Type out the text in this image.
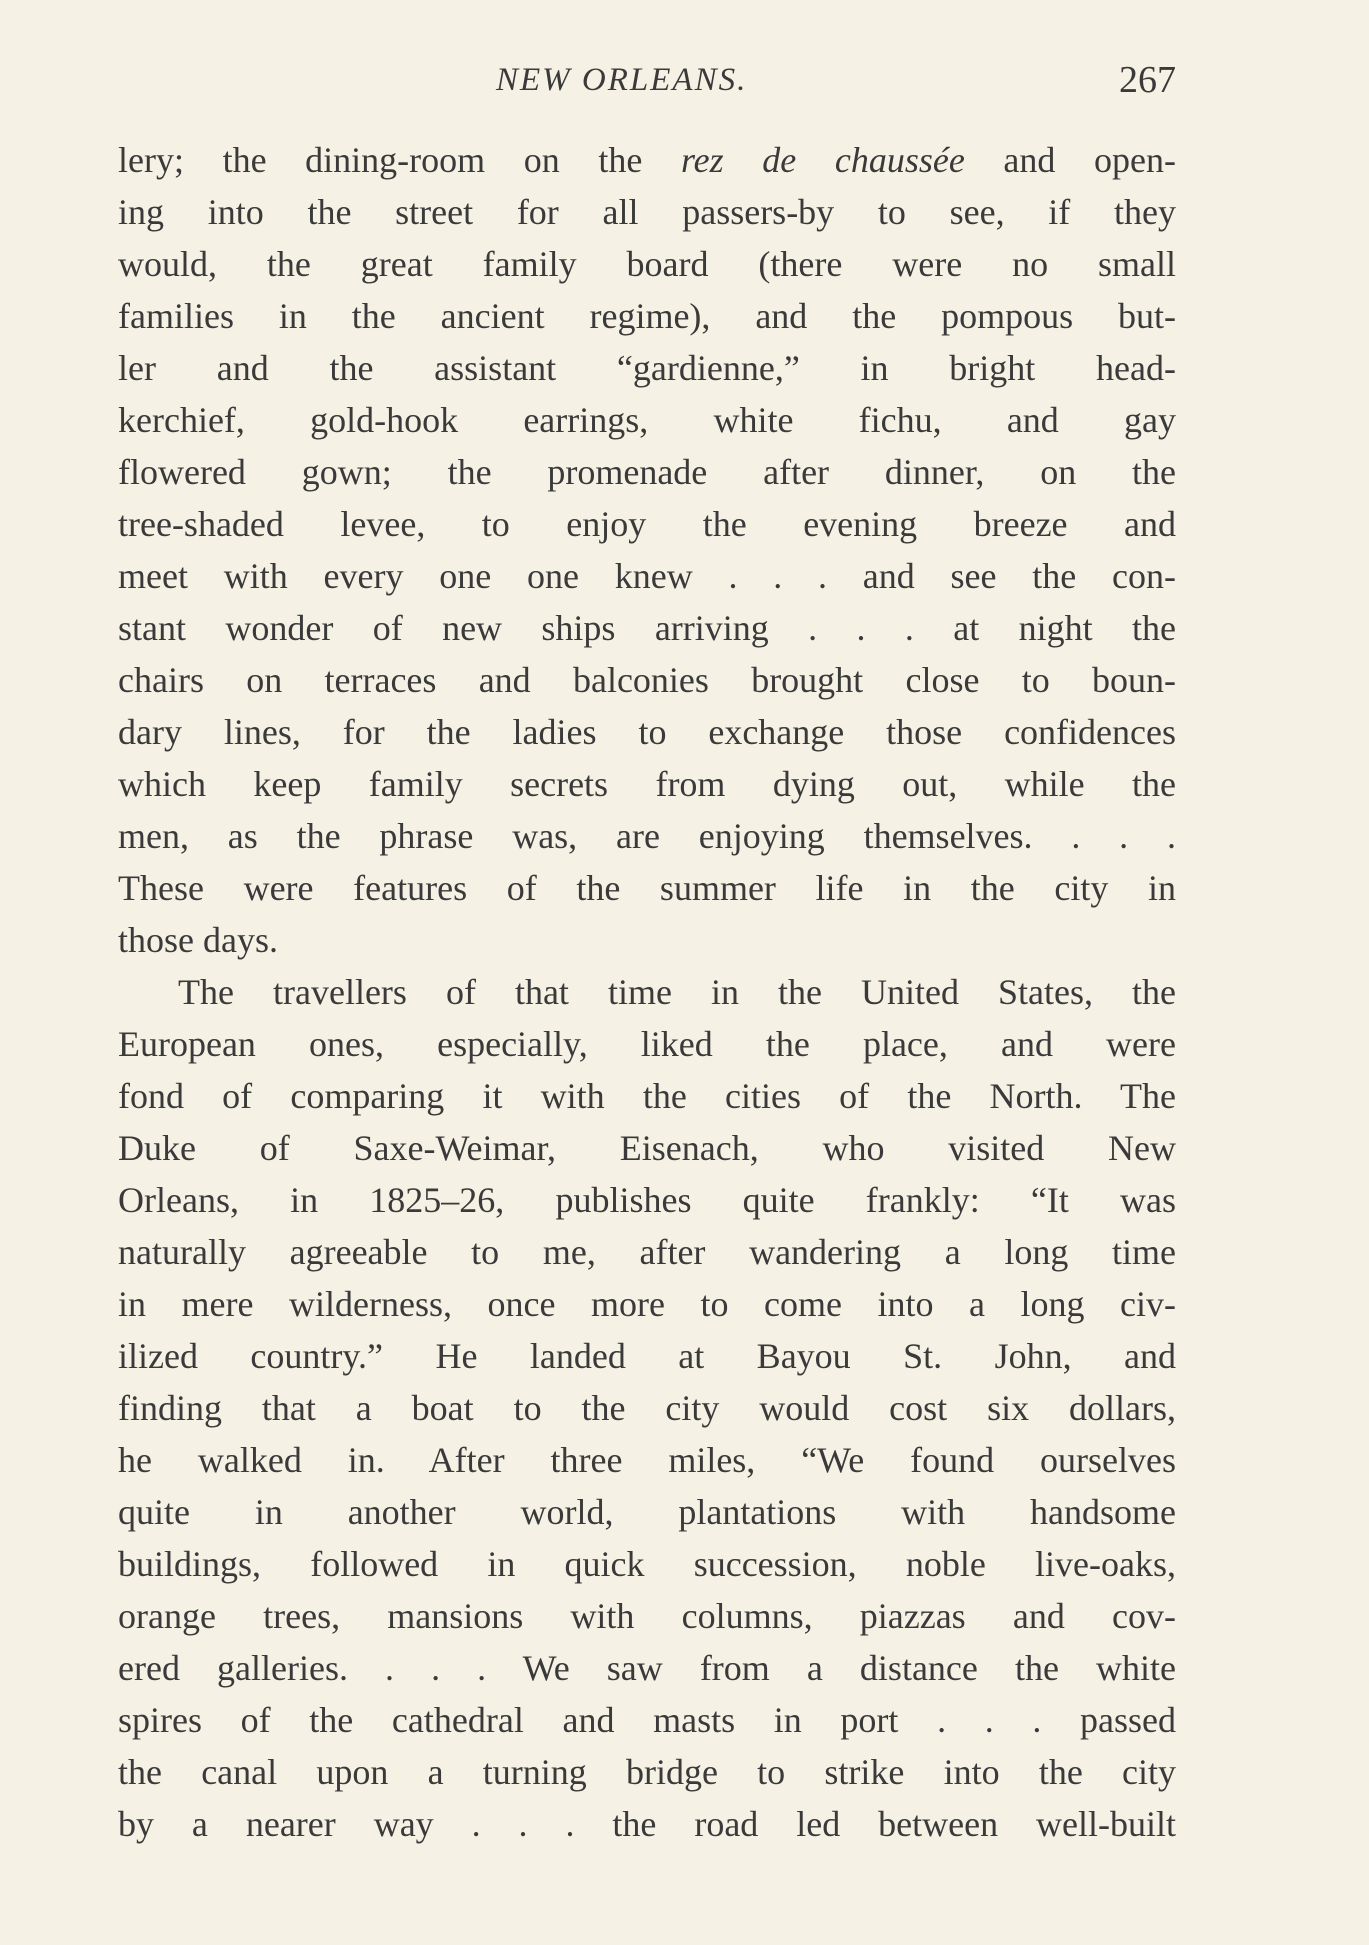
NEW ORLEANS.	267
lery; the dining-room on the rez de chaussée and open-
ing into the street for all passers-by to see, if they
would, the great family board (there were no small
families in the ancient regime), and the pompous but-
ler and the assistant “gardienne,” in bright head-
kerchief, gold-hook earrings, white fichu, and gay
flowered gown; the promenade after dinner, on the
tree-shaded levee, to enjoy the evening breeze and
meet with every one one knew . . . and see the con-
stant wonder of new ships arriving . . . at night the
chairs on terraces and balconies brought close to boun-
dary lines, for the ladies to exchange those confidences
which keep family secrets from dying out, while the
men, as the phrase was, are enjoying themselves. . . .
These were features of the summer life in the city in
those days.
The travellers of that time in the United States, the
European ones, especially, liked the place, and were
fond of comparing it with the cities of the North. The
Duke of Saxe-Weimar, Eisenach, who visited New
Orleans, in 1825–26, publishes quite frankly: “It was
naturally agreeable to me, after wandering a long time
in mere wilderness, once more to come into a long civ-
ilized country.” He landed at Bayou St. John, and
finding that a boat to the city would cost six dollars,
he walked in. After three miles, “We found ourselves
quite in another world, plantations with handsome
buildings, followed in quick succession, noble live-oaks,
orange trees, mansions with columns, piazzas and cov-
ered galleries. . . . We saw from a distance the white
spires of the cathedral and masts in port . . . passed
the canal upon a turning bridge to strike into the city
by a nearer way . . . the road led between well-built
